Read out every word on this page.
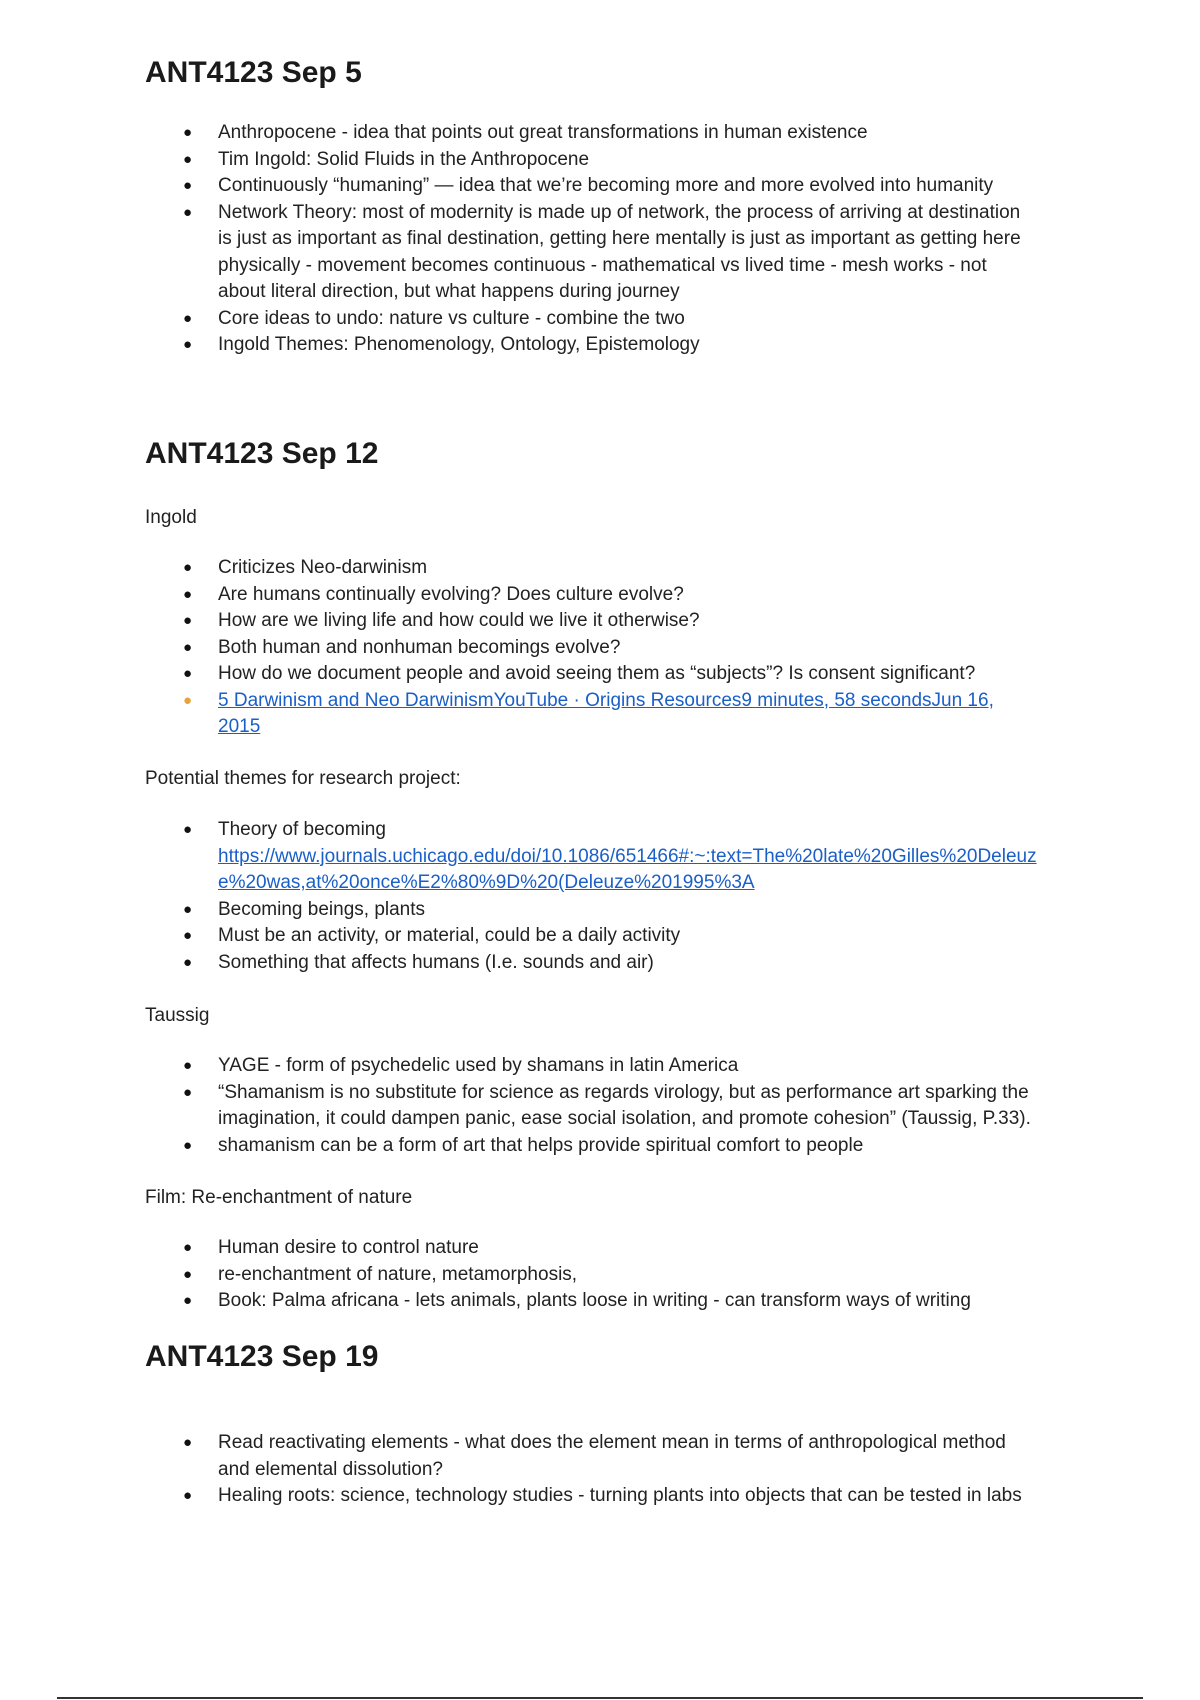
ANT4123 Sep 5
● Anthropocene - idea that points out great transformations in human existence
● Tim Ingold: Solid Fluids in the Anthropocene
● Continuously “humaning” — idea that we’re becoming more and more evolved into humanity
● Network Theory: most of modernity is made up of network, the process of arriving at destination
is just as important as final destination, getting here mentally is just as important as getting here
physically - movement becomes continuous - mathematical vs lived time - mesh works - not
about literal direction, but what happens during journey
● Core ideas to undo: nature vs culture - combine the two
● Ingold Themes: Phenomenology, Ontology, Epistemology
ANT4123 Sep 12

Ingold

● Criticizes Neo-darwinism
● Are humans continually evolving? Does culture evolve?
● How are we living life and how could we live it otherwise?
● Both human and nonhuman becomings evolve?
● How do we document people and avoid seeing them as “subjects”? Is consent significant?
● 5 Darwinism and Neo DarwinismYouTube · Origins Resources9 minutes, 58 secondsJun 16,
2015

Potential themes for research project:

● Theory of becoming
https://www.journals.uchicago.edu/doi/10.1086/651466#:~:text=The%20late%20Gilles%20Deleuz
e%20was,at%20once%E2%80%9D%20(Deleuze%201995%3A
● Becoming beings, plants
● Must be an activity, or material, could be a daily activity
● Something that affects humans (I.e. sounds and air)

Taussig

● YAGE - form of psychedelic used by shamans in latin America
● “Shamanism is no substitute for science as regards virology, but as performance art sparking the
imagination, it could dampen panic, ease social isolation, and promote cohesion” (Taussig, P.33).
● shamanism can be a form of art that helps provide spiritual comfort to people

Film: Re-enchantment of nature

● Human desire to control nature
● re-enchantment of nature, metamorphosis,
● Book: Palma africana - lets animals, plants loose in writing - can transform ways of writing
ANT4123 Sep 19
● Read reactivating elements - what does the element mean in terms of anthropological method
and elemental dissolution?
● Healing roots: science, technology studies - turning plants into objects that can be tested in labs
